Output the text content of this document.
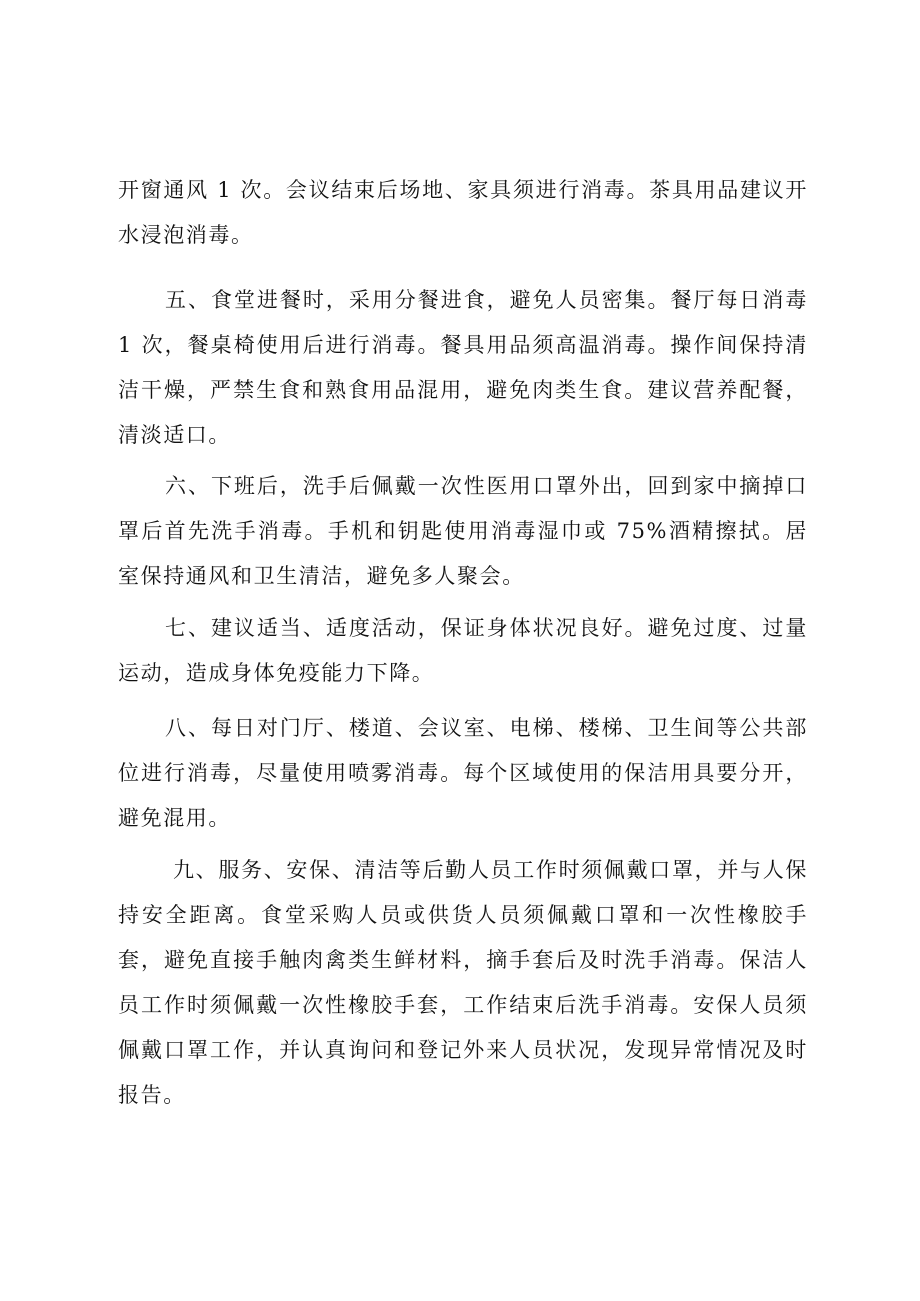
开窗通风 1 次。会议结束后场地、家具须进行消毒。茶具用品建议开水浸泡消毒。

五、食堂进餐时，采用分餐进食，避免人员密集。餐厅每日消毒 1 次，餐桌椅使用后进行消毒。餐具用品须高温消毒。操作间保持清洁干燥，严禁生食和熟食用品混用，避免肉类生食。建议营养配餐，清淡适口。

六、下班后，洗手后佩戴一次性医用口罩外出，回到家中摘掉口罩后首先洗手消毒。手机和钥匙使用消毒湿巾或 75%酒精擦拭。居室保持通风和卫生清洁，避免多人聚会。

七、建议适当、适度活动，保证身体状况良好。避免过度、过量运动，造成身体免疫能力下降。

八、每日对门厅、楼道、会议室、电梯、楼梯、卫生间等公共部位进行消毒，尽量使用喷雾消毒。每个区域使用的保洁用具要分开，避免混用。

九、服务、安保、清洁等后勤人员工作时须佩戴口罩，并与人保持安全距离。食堂采购人员或供货人员须佩戴口罩和一次性橡胶手套，避免直接手触肉禽类生鲜材料，摘手套后及时洗手消毒。保洁人员工作时须佩戴一次性橡胶手套，工作结束后洗手消毒。安保人员须佩戴口罩工作，并认真询问和登记外来人员状况，发现异常情况及时报告。
